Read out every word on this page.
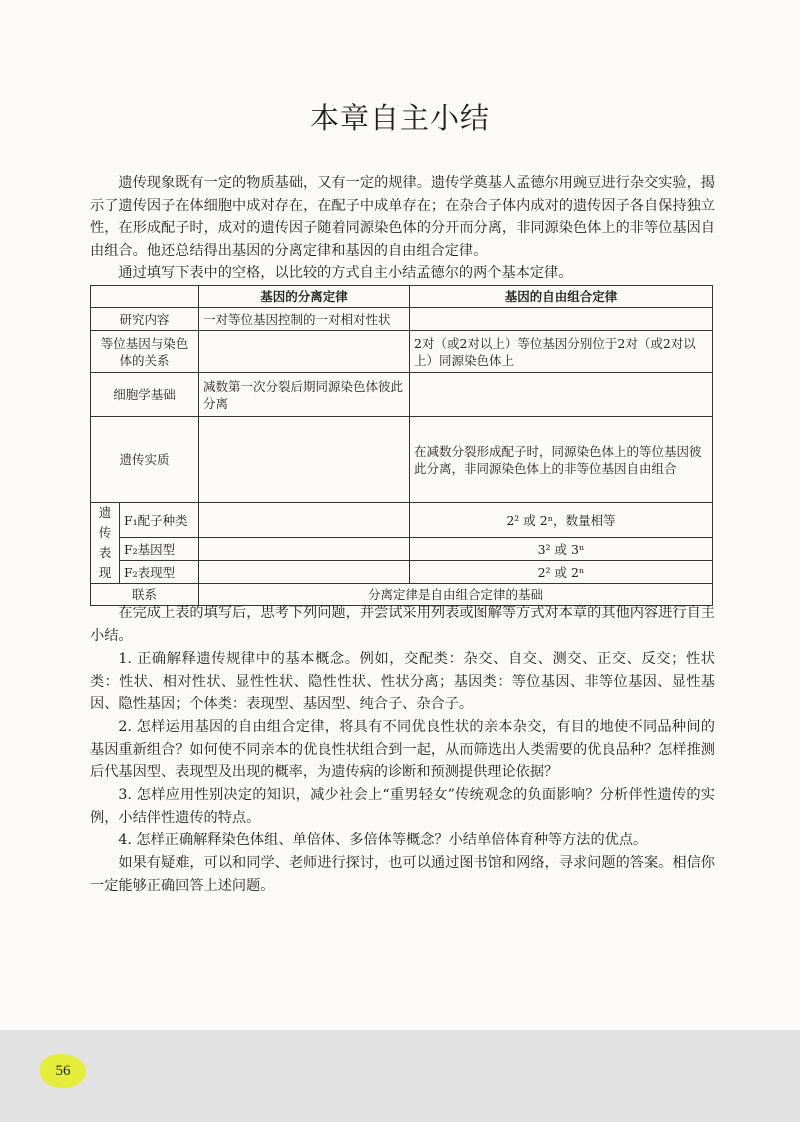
本章自主小结

遗传现象既有一定的物质基础，又有一定的规律。遗传学奠基人孟德尔用豌豆进行杂交实验，揭示了遗传因子在体细胞中成对存在，在配子中成单存在；在杂合子体内成对的遗传因子各自保持独立性，在形成配子时，成对的遗传因子随着同源染色体的分开而分离，非同源染色体上的非等位基因自由组合。他还总结得出基因的分离定律和基因的自由组合定律。

通过填写下表中的空格，以比较的方式自主小结孟德尔的两个基本定律。

		基因的分离定律	基因的自由组合定律
研究内容		一对等位基因控制的一对相对性状	
等位基因与染色体的关系			2对（或2对以上）等位基因分别位于2对（或2对以上）同源染色体上
细胞学基础		减数第一次分裂后期同源染色体彼此分离	
遗传实质			在减数分裂形成配子时，同源染色体上的等位基因彼此分离，非同源染色体上的非等位基因自由组合

遗
传
表
现	F₁配子种类		2² 或 2ⁿ，数量相等
	F₂基因型		3² 或 3ⁿ
	F₂表现型		2² 或 2ⁿ
联系		分离定律是自由组合定律的基础	

在完成上表的填写后，思考下列问题，并尝试采用列表或图解等方式对本章的其他内容进行自主小结。

1. 正确解释遗传规律中的基本概念。例如，交配类：杂交、自交、测交、正交、反交；性状类：性状、相对性状、显性性状、隐性性状、性状分离；基因类：等位基因、非等位基因、显性基因、隐性基因；个体类：表现型、基因型、纯合子、杂合子。

2. 怎样运用基因的自由组合定律，将具有不同优良性状的亲本杂交，有目的地使不同品种间的基因重新组合？如何使不同亲本的优良性状组合到一起，从而筛选出人类需要的优良品种？怎样推测后代基因型、表现型及出现的概率，为遗传病的诊断和预测提供理论依据？

3. 怎样应用性别决定的知识，减少社会上“重男轻女”传统观念的负面影响？分析伴性遗传的实例，小结伴性遗传的特点。

4. 怎样正确解释染色体组、单倍体、多倍体等概念？小结单倍体育种等方法的优点。

如果有疑难，可以和同学、老师进行探讨，也可以通过图书馆和网络，寻求问题的答案。相信你一定能够正确回答上述问题。

56
